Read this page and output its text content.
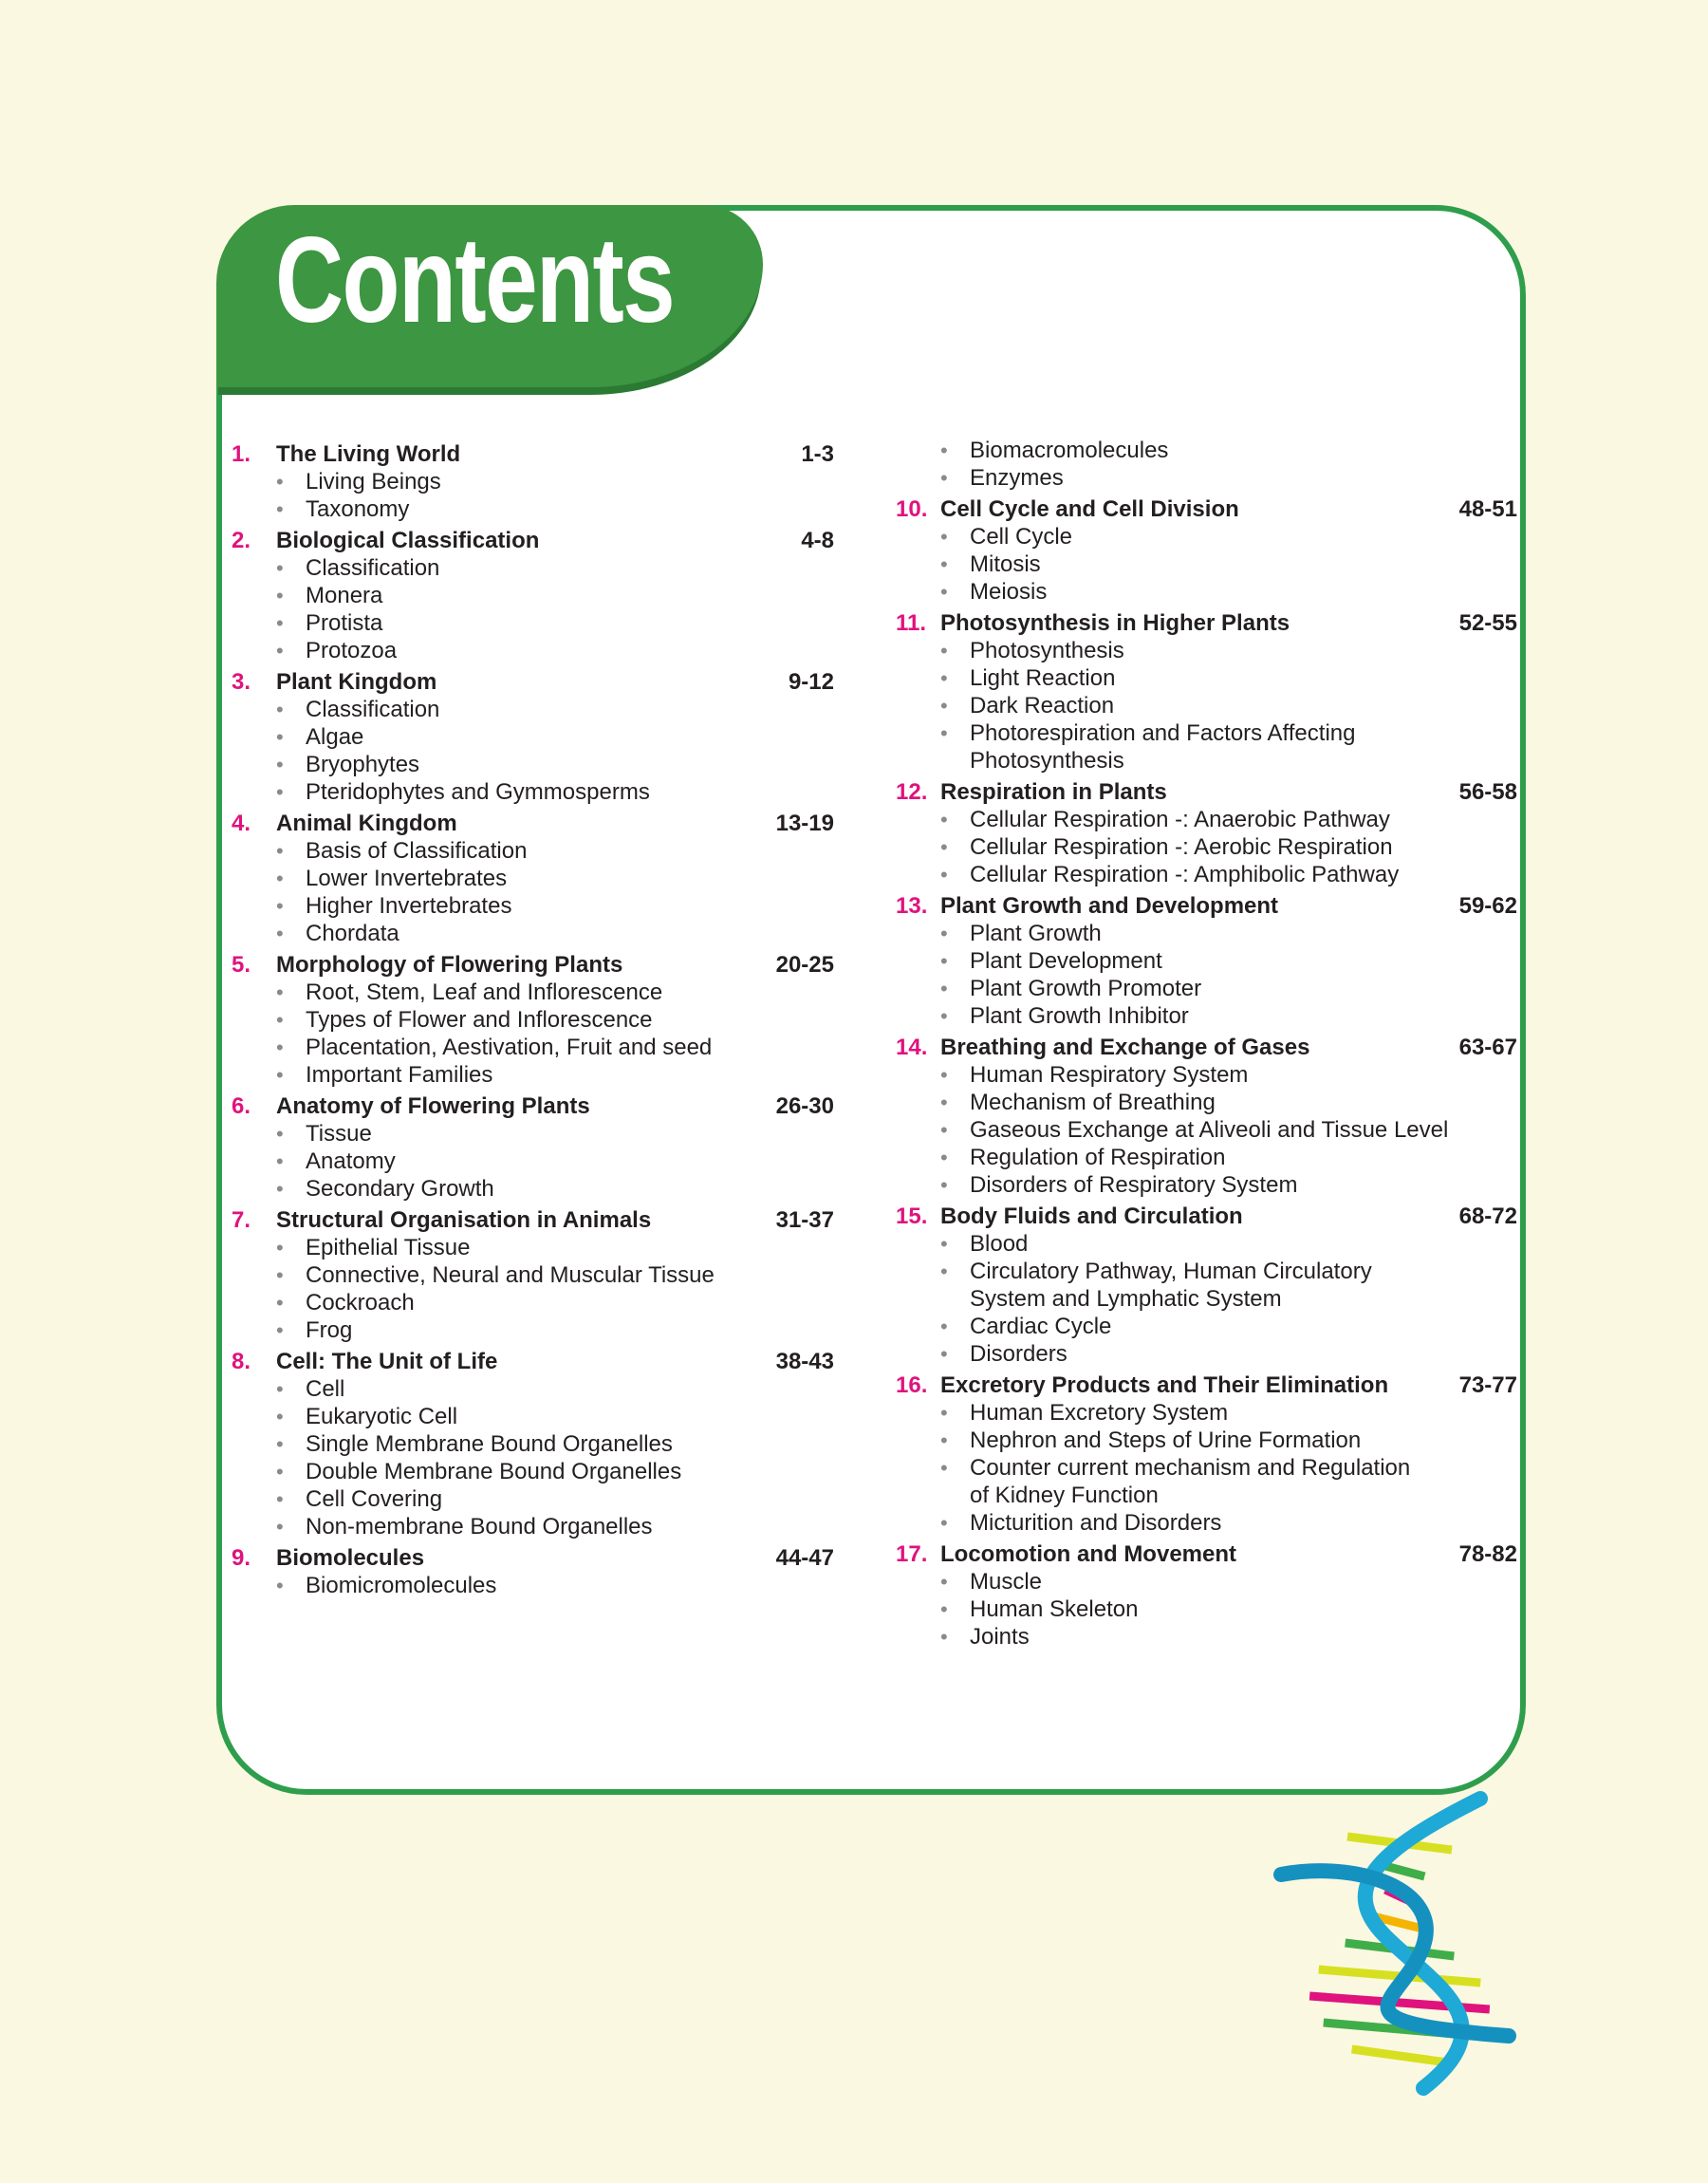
Contents
1.	The Living World	1-3
• Living Beings
• Taxonomy
2.	Biological Classification	4-8
• Classification
• Monera
• Protista
• Protozoa
3.	Plant Kingdom	9-12
• Classification
• Algae
• Bryophytes
• Pteridophytes and Gymmosperms
4.	Animal Kingdom	13-19
• Basis of Classification
• Lower Invertebrates
• Higher Invertebrates
• Chordata
5.	Morphology of Flowering Plants	20-25
• Root, Stem, Leaf and Inflorescence
• Types of Flower and Inflorescence
• Placentation, Aestivation, Fruit and seed
• Important Families
6.	Anatomy of Flowering Plants	26-30
• Tissue
• Anatomy
• Secondary Growth
7.	Structural Organisation in Animals	31-37
• Epithelial Tissue
• Connective, Neural and Muscular Tissue
• Cockroach
• Frog
8.	Cell: The Unit of Life	38-43
• Cell
• Eukaryotic Cell
• Single Membrane Bound Organelles
• Double Membrane Bound Organelles
• Cell Covering
• Non-membrane Bound Organelles
9.	Biomolecules	44-47
• Biomicromolecules
• Biomacromolecules
• Enzymes
10. Cell Cycle and Cell Division	48-51
• Cell Cycle
• Mitosis
• Meiosis
11. Photosynthesis in Higher Plants	52-55
• Photosynthesis
• Light Reaction
• Dark Reaction
• Photorespiration and Factors Affecting Photosynthesis
12. Respiration in Plants	56-58
• Cellular Respiration -: Anaerobic Pathway
• Cellular Respiration -: Aerobic Respiration
• Cellular Respiration -: Amphibolic Pathway
13. Plant Growth and Development	59-62
• Plant Growth
• Plant Development
• Plant Growth Promoter
• Plant Growth Inhibitor
14. Breathing and Exchange of Gases	63-67
• Human Respiratory System
• Mechanism of Breathing
• Gaseous Exchange at Aliveoli and Tissue Level
• Regulation of Respiration
• Disorders of Respiratory System
15. Body Fluids and Circulation	68-72
• Blood
• Circulatory Pathway, Human Circulatory System and Lymphatic System
• Cardiac Cycle
• Disorders
16. Excretory Products and Their Elimination	73-77
• Human Excretory System
• Nephron and Steps of Urine Formation
• Counter current mechanism and Regulation of Kidney Function
• Micturition and Disorders
17. Locomotion and Movement	78-82
• Muscle
• Human Skeleton
• Joints
